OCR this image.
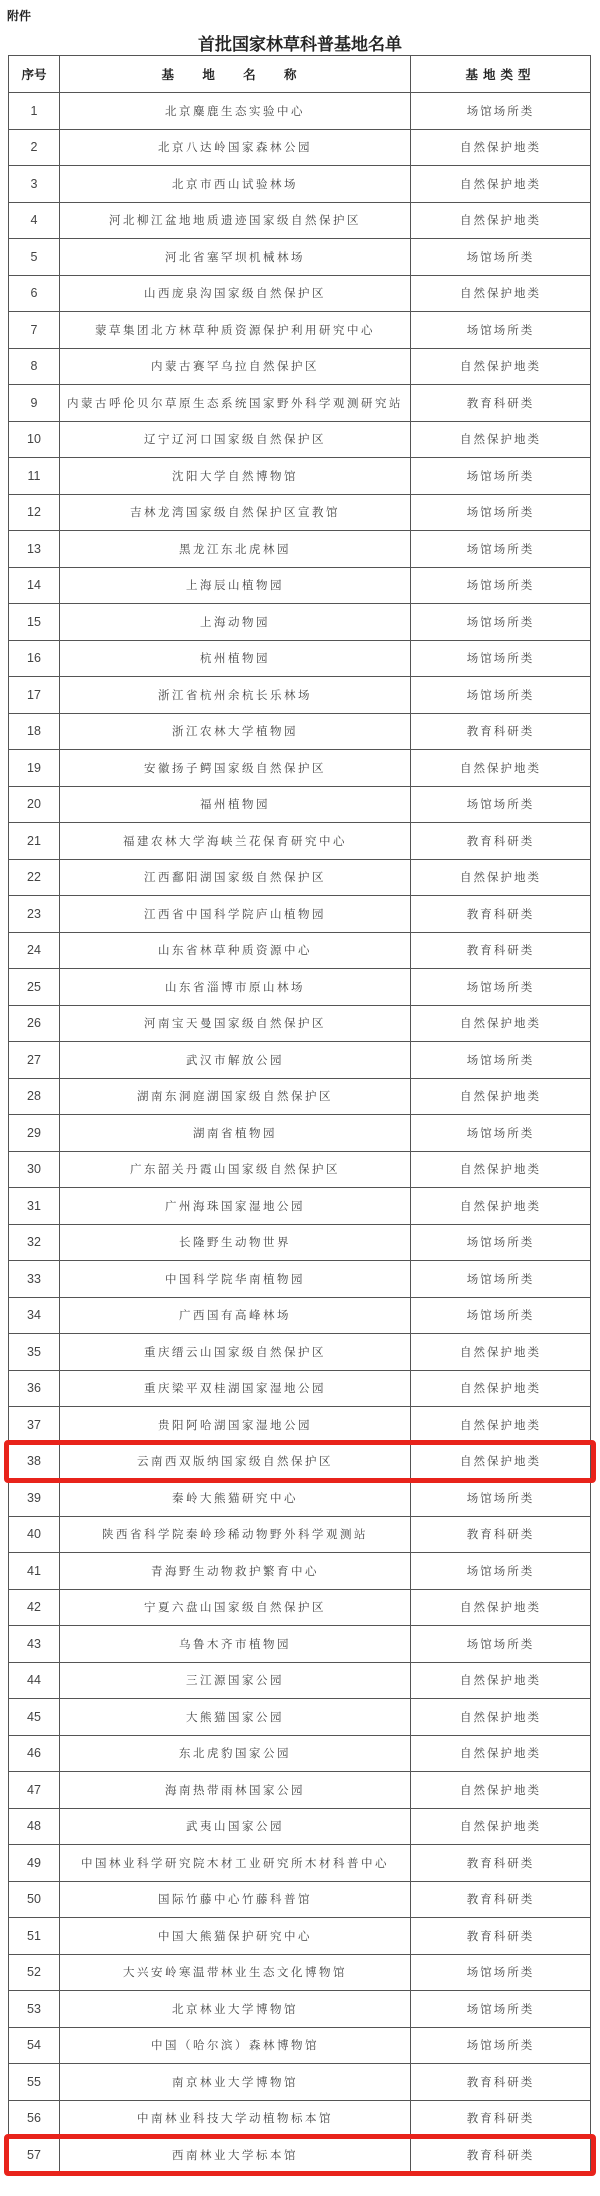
附件
首批国家林草科普基地名单
序号	基 地 名 称	基地类型
1	北京麋鹿生态实验中心	场馆场所类
2	北京八达岭国家森林公园	自然保护地类
3	北京市西山试验林场	自然保护地类
4	河北柳江盆地地质遗迹国家级自然保护区	自然保护地类
5	河北省塞罕坝机械林场	场馆场所类
6	山西庞泉沟国家级自然保护区	自然保护地类
7	蒙草集团北方林草种质资源保护利用研究中心	场馆场所类
8	内蒙古赛罕乌拉自然保护区	自然保护地类
9	内蒙古呼伦贝尔草原生态系统国家野外科学观测研究站	教育科研类
10	辽宁辽河口国家级自然保护区	自然保护地类
11	沈阳大学自然博物馆	场馆场所类
12	吉林龙湾国家级自然保护区宣教馆	场馆场所类
13	黑龙江东北虎林园	场馆场所类
14	上海辰山植物园	场馆场所类
15	上海动物园	场馆场所类
16	杭州植物园	场馆场所类
17	浙江省杭州余杭长乐林场	场馆场所类
18	浙江农林大学植物园	教育科研类
19	安徽扬子鳄国家级自然保护区	自然保护地类
20	福州植物园	场馆场所类
21	福建农林大学海峡兰花保育研究中心	教育科研类
22	江西鄱阳湖国家级自然保护区	自然保护地类
23	江西省中国科学院庐山植物园	教育科研类
24	山东省林草种质资源中心	教育科研类
25	山东省淄博市原山林场	场馆场所类
26	河南宝天曼国家级自然保护区	自然保护地类
27	武汉市解放公园	场馆场所类
28	湖南东洞庭湖国家级自然保护区	自然保护地类
29	湖南省植物园	场馆场所类
30	广东韶关丹霞山国家级自然保护区	自然保护地类
31	广州海珠国家湿地公园	自然保护地类
32	长隆野生动物世界	场馆场所类
33	中国科学院华南植物园	场馆场所类
34	广西国有高峰林场	场馆场所类
35	重庆缙云山国家级自然保护区	自然保护地类
36	重庆梁平双桂湖国家湿地公园	自然保护地类
37	贵阳阿哈湖国家湿地公园	自然保护地类
38	云南西双版纳国家级自然保护区	自然保护地类
39	秦岭大熊猫研究中心	场馆场所类
40	陕西省科学院秦岭珍稀动物野外科学观测站	教育科研类
41	青海野生动物救护繁育中心	场馆场所类
42	宁夏六盘山国家级自然保护区	自然保护地类
43	乌鲁木齐市植物园	场馆场所类
44	三江源国家公园	自然保护地类
45	大熊猫国家公园	自然保护地类
46	东北虎豹国家公园	自然保护地类
47	海南热带雨林国家公园	自然保护地类
48	武夷山国家公园	自然保护地类
49	中国林业科学研究院木材工业研究所木材科普中心	教育科研类
50	国际竹藤中心竹藤科普馆	教育科研类
51	中国大熊猫保护研究中心	教育科研类
52	大兴安岭寒温带林业生态文化博物馆	场馆场所类
53	北京林业大学博物馆	场馆场所类
54	中国（哈尔滨）森林博物馆	场馆场所类
55	南京林业大学博物馆	教育科研类
56	中南林业科技大学动植物标本馆	教育科研类
57	西南林业大学标本馆	教育科研类
